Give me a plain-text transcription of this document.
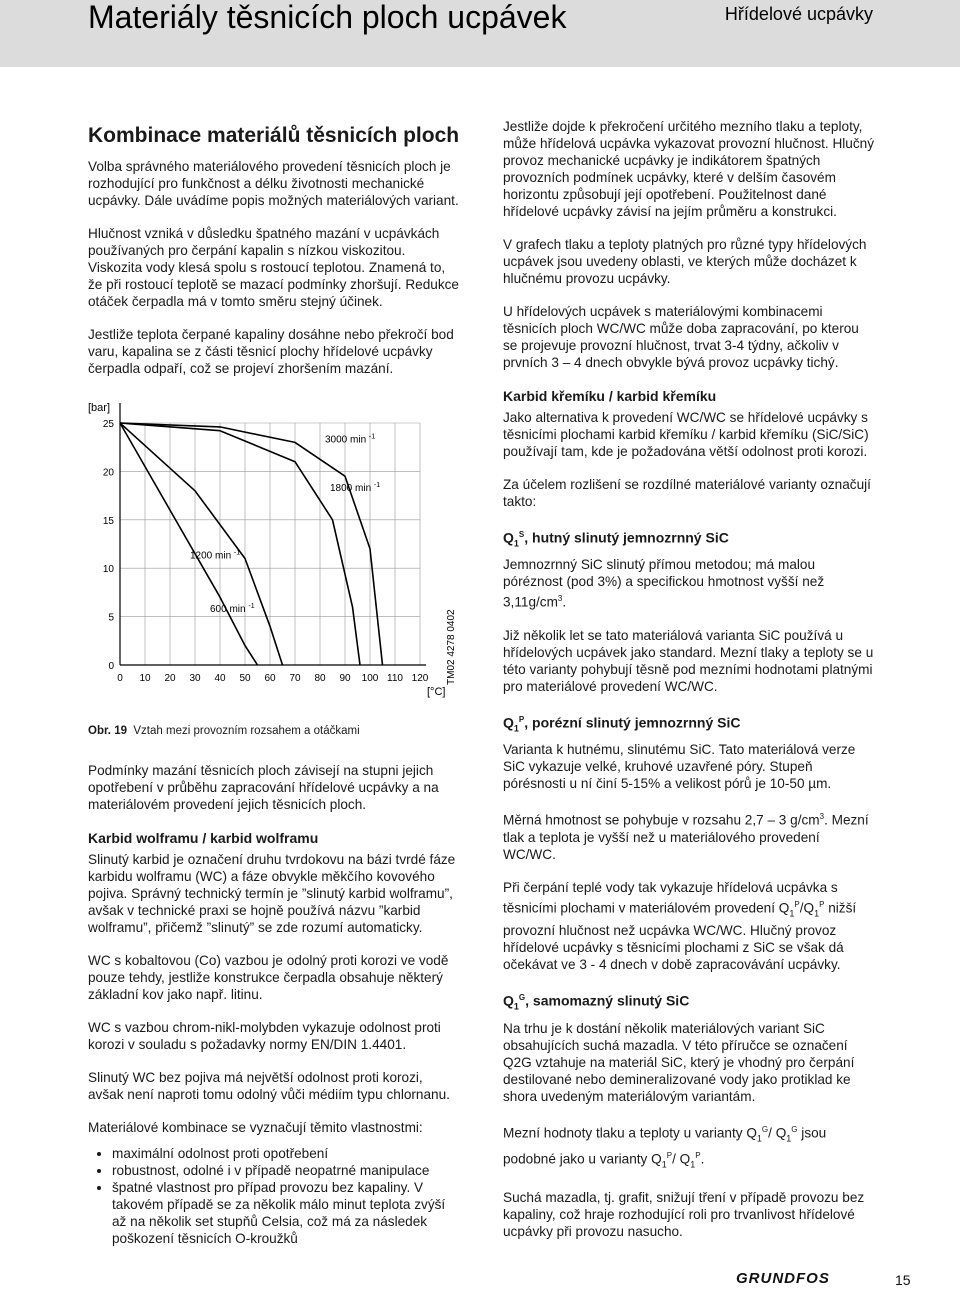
Materiály těsnicích ploch ucpávek	Hřídelové ucpávky
Kombinace materiálů těsnicích ploch

Volba správného materiálového provedení těsnicích ploch je rozhodující pro funkčnost a délku životnosti mechanické ucpávky. Dále uvádíme popis možných materiálových variant.

Hlučnost vzniká v důsledku špatného mazání v ucpávkách používaných pro čerpání kapalin s nízkou viskozitou. Viskozita vody klesá spolu s rostoucí teplotou. Znamená to, že při rostoucí teplotě se mazací podmínky zhoršují. Redukce otáček čerpadla má v tomto směru stejný účinek.

Jestliže teplota čerpané kapaliny dosáhne nebo překročí bod varu, kapalina se z části těsnicí plochy hřídelové ucpávky čerpadla odpaří, což se projeví zhoršením mazání.

[bar]
[°C]
TM02 4278 0402
0 10 20 30 40 50 60 70 80 90 100 110 120
0
5
10
15
20
25
3000 min $^{-1}$
1800 min $^{-1}$
1200 min $^{-1}$
600 min $^{-1}$
Obr. 19 Vztah mezi provozním rozsahem a otáčkami

Podmínky mazání těsnicích ploch závisejí na stupni jejich opotřebení v průběhu zapracování hřídelové ucpávky a na materiálovém provedení jejich těsnicích ploch.

Karbid wolframu / karbid wolframu

Slinutý karbid je označení druhu tvrdokovu na bázi tvrdé fáze karbidu wolframu (WC) a fáze obvykle měkčího kovového pojiva. Správný technický termín je ”slinutý karbid wolframu”, avšak v technické praxi se hojně používá názvu ”karbid wolframu”, přičemž ”slinutý” se zde rozumí automaticky.

WC s kobaltovou (Co) vazbou je odolný proti korozi ve vodě pouze tehdy, jestliže konstrukce čerpadla obsahuje některý základní kov jako např. litinu.

WC s vazbou chrom-nikl-molybden vykazuje odolnost proti korozi v souladu s požadavky normy EN/DIN 1.4401.

Slinutý WC bez pojiva má největší odolnost proti korozi, avšak není naproti tomu odolný vůči médiím typu chlornanu.

Materiálové kombinace se vyznačují těmito vlastnostmi:

• maximální odolnost proti opotřebení
• robustnost, odolné i v případě neopatrné manipulace
• špatné vlastnost pro případ provozu bez kapaliny. V takovém případě se za několik málo minut teplota zvýší až na několik set stupňů Celsia, což má za následek poškození těsnicích O-kroužků

Jestliže dojde k překročení určitého mezního tlaku a teploty, může hřídelová ucpávka vykazovat provozní hlučnost. Hlučný provoz mechanické ucpávky je indikátorem špatných provozních podmínek ucpávky, které v delším časovém horizontu způsobují její opotřebení. Použitelnost dané hřídelové ucpávky závisí na jejím průměru a konstrukci.

V grafech tlaku a teploty platných pro různé typy hřídelových ucpávek jsou uvedeny oblasti, ve kterých může docházet k hlučnému provozu ucpávky.

U hřídelových ucpávek s materiálovými kombinacemi těsnicích ploch WC/WC může doba zapracování, po kterou se projevuje provozní hlučnost, trvat 3-4 týdny, ačkoliv v prvních 3 – 4 dnech obvykle bývá provoz ucpávky tichý.

Karbid křemíku / karbid křemíku

Jako alternativa k provedení WC/WC se hřídelové ucpávky s těsnicími plochami karbid křemíku / karbid křemíku (SiC/SiC) používají tam, kde je požadována větší odolnost proti korozi.

Za účelem rozlišení se rozdílné materiálové varianty označují takto:

$Q_1^S$, hutný slinutý jemnozrnný SiC

Jemnozrnný SiC slinutý přímou metodou; má malou póréznost (pod 3%) a specifickou hmotnost vyšší než $3,11g/cm^3$.

Již několik let se tato materiálová varianta SiC používá u hřídelových ucpávek jako standard. Mezní tlaky a teploty se u této varianty pohybují těsně pod mezními hodnotami platnými pro materiálové provedení WC/WC.

$Q_1^P$, porézní slinutý jemnozrnný SiC

Varianta k hutnému, slinutému SiC. Tato materiálová verze SiC vykazuje velké, kruhové uzavřené póry. Stupeň pórésnosti u ní činí 5-15% a velikost pórů je 10-50 µm.

Měrná hmotnost se pohybuje v rozsahu 2,7 – 3 $g/cm^3$. Mezní tlak a teplota je vyšší než u materiálového provedení WC/WC.

Při čerpání teplé vody tak vykazuje hřídelová ucpávka s těsnicími plochami v materiálovém provedení $Q_1^P/Q_1^P$ nižší provozní hlučnost než ucpávka WC/WC. Hlučný provoz hřídelové ucpávky s těsnicími plochami z SiC se však dá očekávat ve 3 - 4 dnech v době zapracovávání ucpávky.

$Q_1^G$, samomazný slinutý SiC

Na trhu je k dostání několik materiálových variant SiC obsahujících suchá mazadla. V této příručce se označení Q2G vztahuje na materiál SiC, který je vhodný pro čerpání destilované nebo demineralizované vody jako protiklad ke shora uvedeným materiálovým variantám.

Mezní hodnoty tlaku a teploty u varianty $Q_1^G/$ $Q_1^G$ jsou podobné jako u varianty $Q_1^P/$ $Q_1^P$.

Suchá mazadla, tj. grafit, snižují tření v případě provozu bez kapaliny, což hraje rozhodující roli pro trvanlivost hřídelové ucpávky při provozu nasucho.

GRUNDFOS	15
